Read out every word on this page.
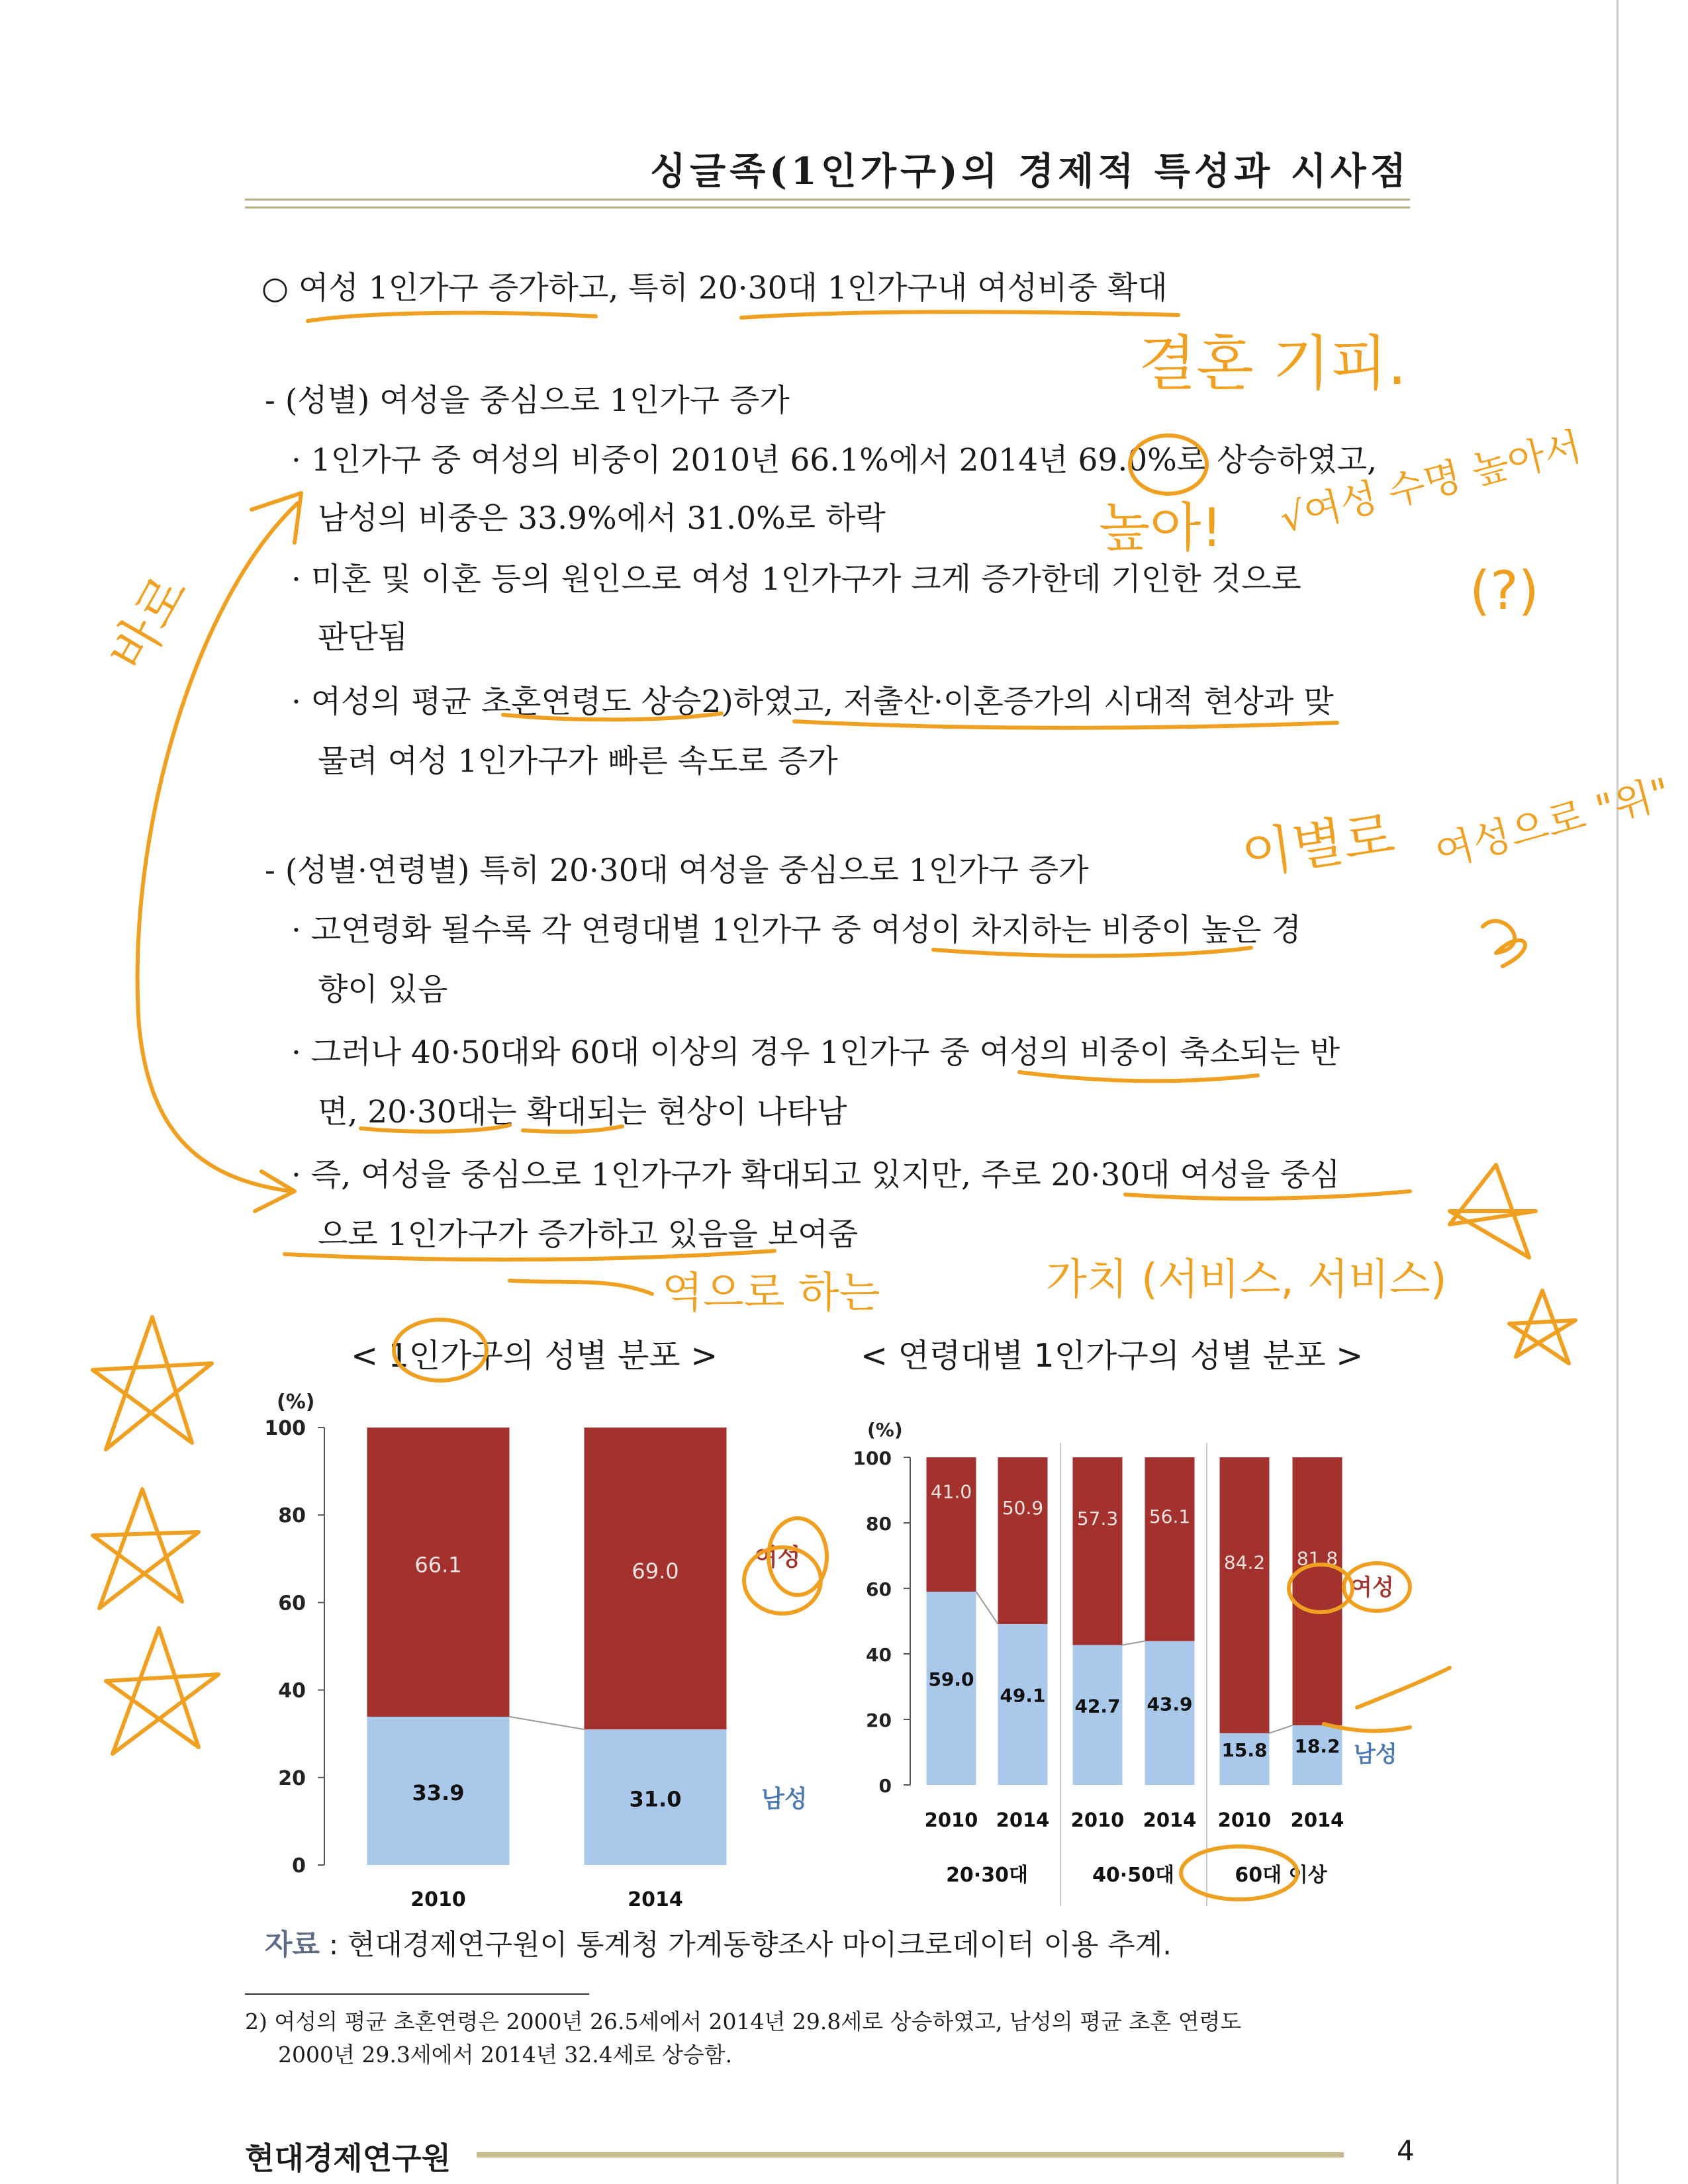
싱글족(1인가구)의 경제적 특성과 시사점
○ 여성 1인가구 증가하고, 특히 20·30대 1인가구내 여성비중 확대
- (성별) 여성을 중심으로 1인가구 증가
· 1인가구 중 여성의 비중이 2010년 66.1%에서 2014년 69.0%로 상승하였고,
남성의 비중은 33.9%에서 31.0%로 하락
· 미혼 및 이혼 등의 원인으로 여성 1인가구가 크게 증가한데 기인한 것으로
판단됨
· 여성의 평균 초혼연령도 상승2)하였고, 저출산·이혼증가의 시대적 현상과 맞
물려 여성 1인가구가 빠른 속도로 증가
- (성별·연령별) 특히 20·30대 여성을 중심으로 1인가구 증가
· 고연령화 될수록 각 연령대별 1인가구 중 여성이 차지하는 비중이 높은 경
향이 있음
· 그러나 40·50대와 60대 이상의 경우 1인가구 중 여성의 비중이 축소되는 반
면, 20·30대는 확대되는 현상이 나타남
· 즉, 여성을 중심으로 1인가구가 확대되고 있지만, 주로 20·30대 여성을 중심
으로 1인가구가 증가하고 있음을 보여줌
< 1인가구의 성별 분포 >	< 연령대별 1인가구의 성별 분포 >
0
20
40
60
80
100
(%)
33.9
66.1
2010
31.0
69.0
2014
여성
남성	0
20
40
60
80
100
(%)
59.0
41.0
2010
49.1
50.9
2014
42.7
57.3
2010
43.9
56.1
2014
15.8
84.2
2010
18.2
81.8
2014
여성
남성
20·30대	40·50대	60대 이상
자료 : 현대경제연구원이 통계청 가계동향조사 마이크로데이터 이용 추계.
2) 여성의 평균 초혼연령은 2000년 26.5세에서 2014년 29.8세로 상승하였고, 남성의 평균 초혼 연령도
2000년 29.3세에서 2014년 32.4세로 상승함.
현대경제연구원	4
결혼 기피.
높아! √여성 수명 높아서
(?)
이별로 여성으로 "위"
역으로 하는	가치 (서비스, 서비스)
바로
